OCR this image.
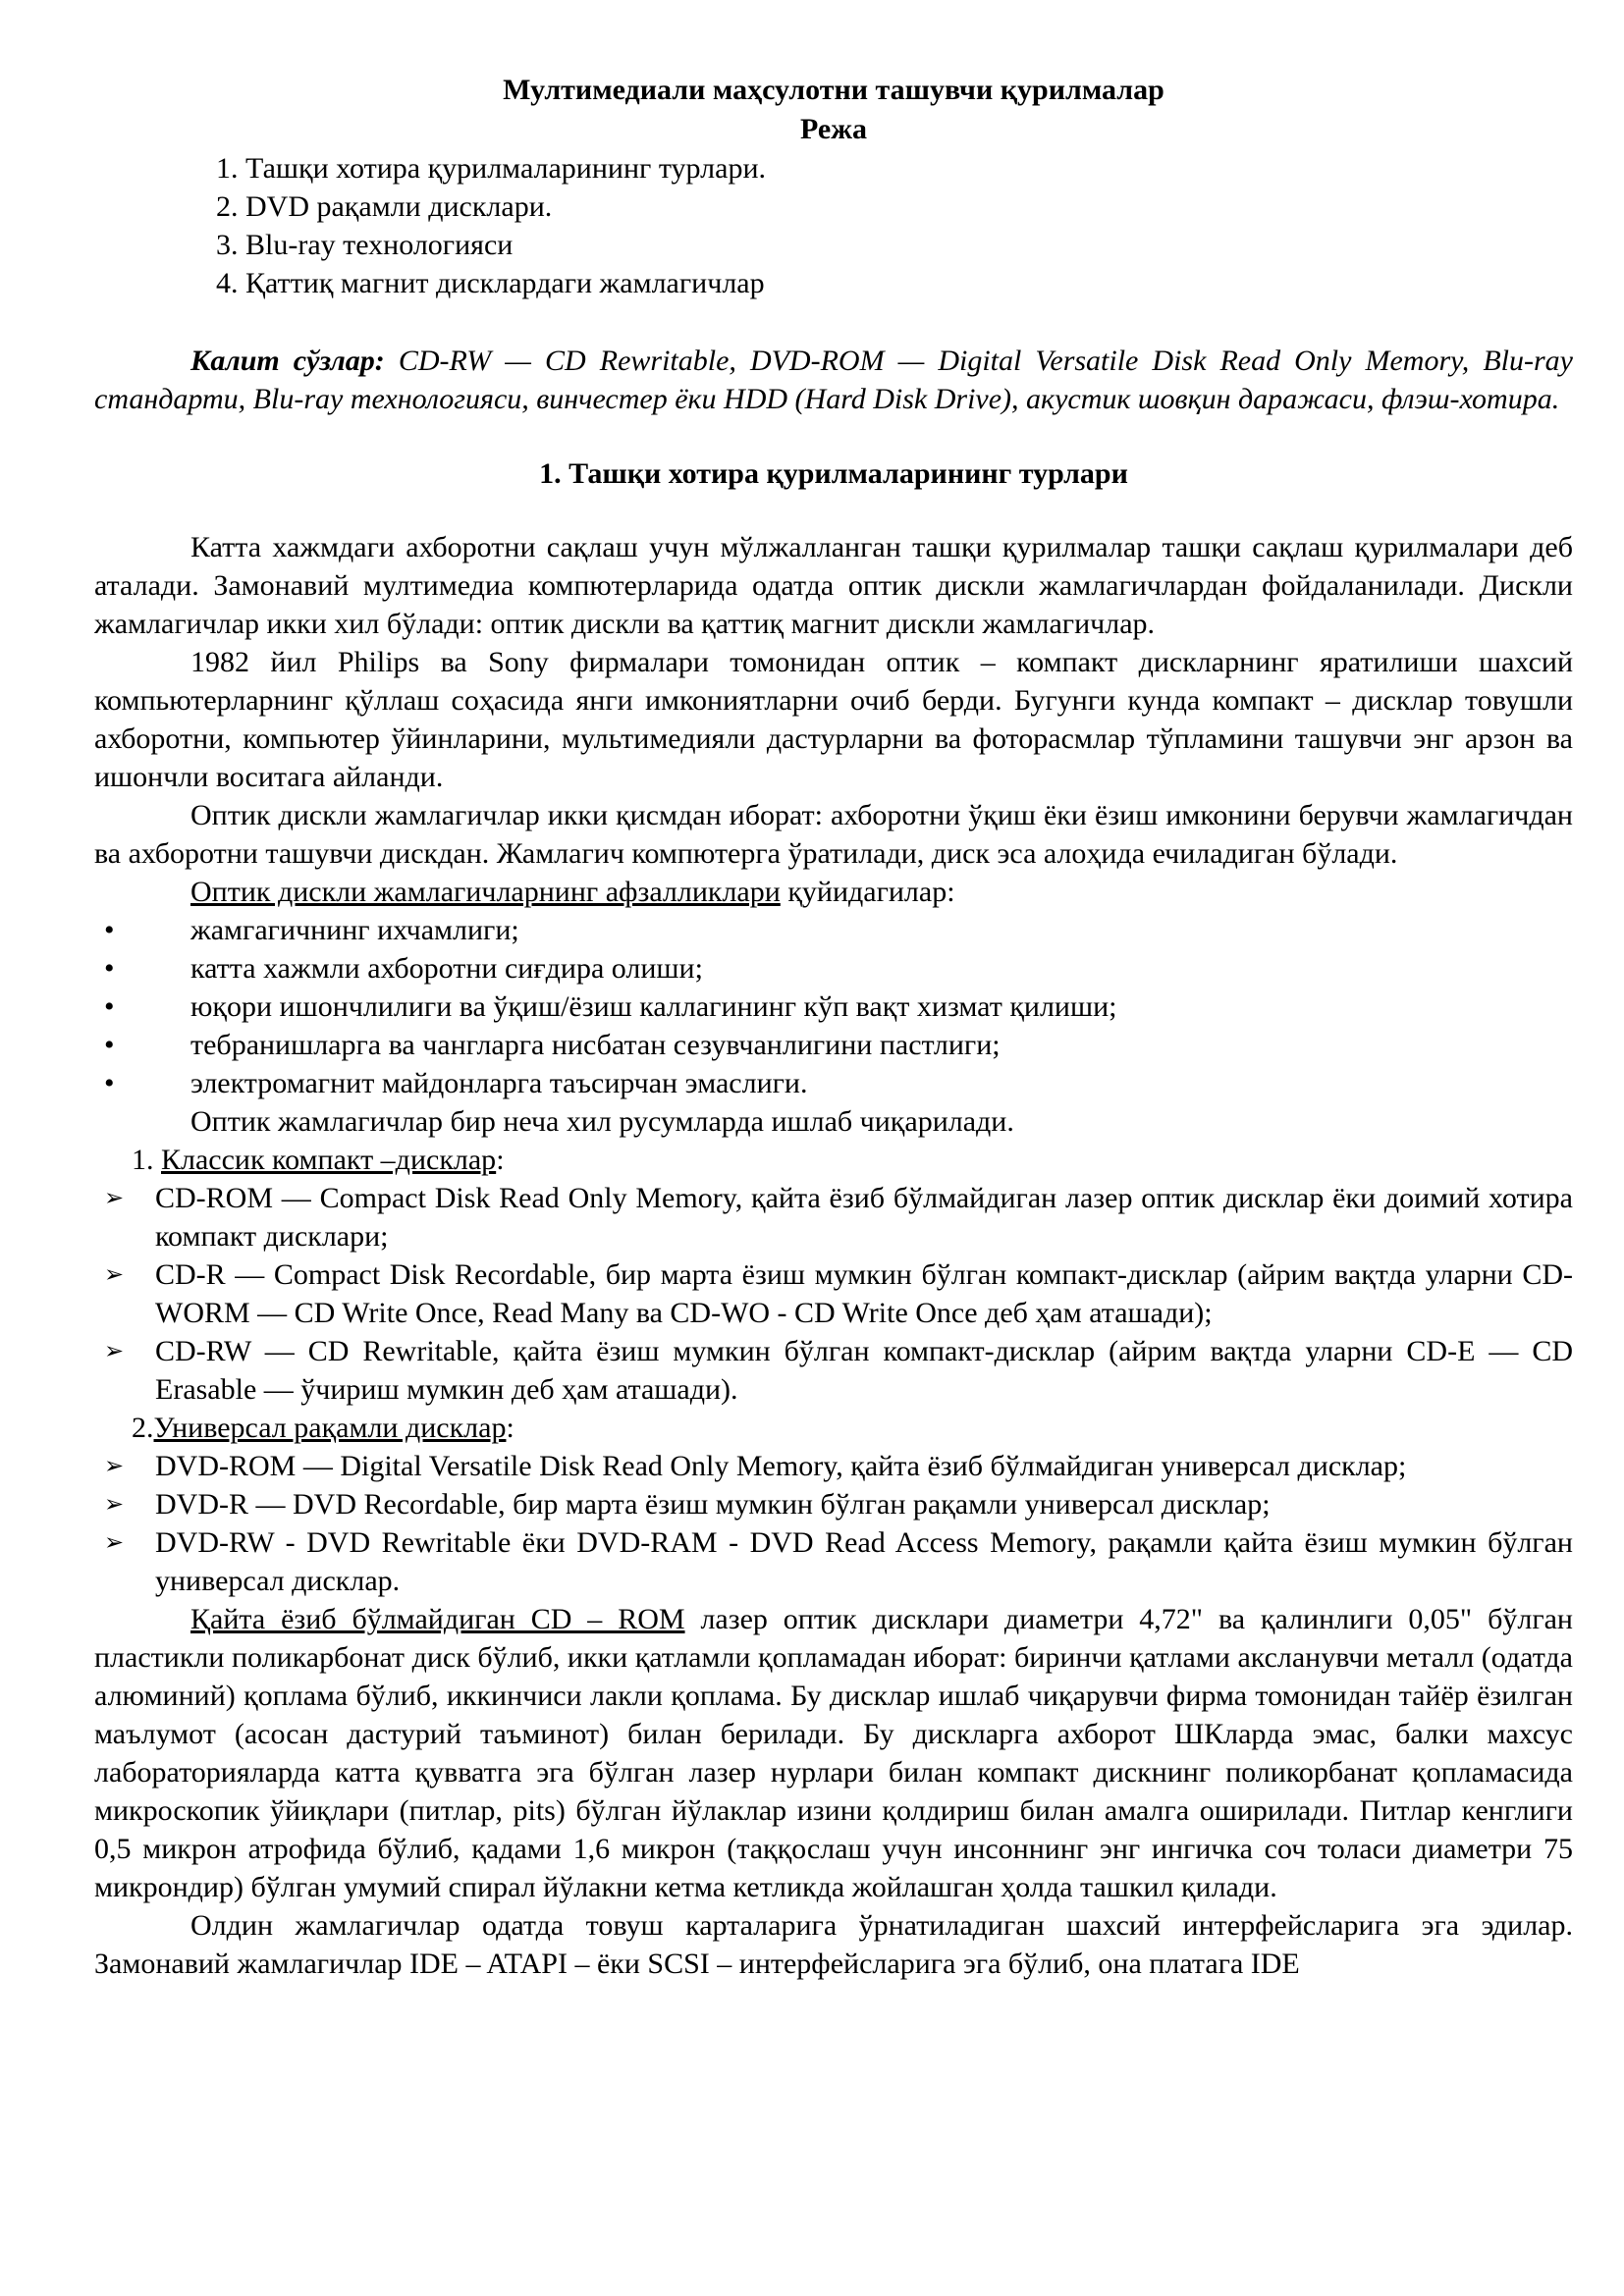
Мултимедиали маҳсулотни ташувчи қурилмалар
Режа
1. Ташқи хотира қурилмаларининг турлари.
2. DVD рақамли дисклари.
3. Blu-ray технологияси
4. Қаттиқ магнит дисклардаги жамлагичлар

Калит сўзлар: CD-RW — CD Rewritable, DVD-ROM — Digital Versatile Disk Read Only Memory, Blu-ray стандарти, Blu-ray технологияси, винчестер ёки HDD (Hard Disk Drive), акустик шовқин даражаси, флэш-хотира.

1. Ташқи хотира қурилмаларининг турлари

Катта хажмдаги ахборотни сақлаш учун мўлжалланган ташқи қурилмалар ташқи сақлаш қурилмалари деб аталади. Замонавий мултимедиа компютерларида одатда оптик дискли жамлагичлардан фойдаланилади. Дискли жамлагичлар икки хил бўлади: оптик дискли ва қаттиқ магнит дискли жамлагичлар.

1982 йил Philips ва Sony фирмалари томонидан оптик – компакт дискларнинг яратилиши шахсий компьютерларнинг қўллаш соҳасида янги имкониятларни очиб берди. Бугунги кунда компакт – дисклар товушли ахборотни, компьютер ўйинларини, мультимедияли дастурларни ва фоторасмлар тўпламини ташувчи энг арзон ва ишончли воситага айланди.

Оптик дискли жамлагичлар икки қисмдан иборат: ахборотни ўқиш ёки ёзиш имконини берувчи жамлагичдан ва ахборотни ташувчи дискдан. Жамлагич компютерга ўратилади, диск эса алоҳида ечиладиган бўлади.

Оптик дискли жамлагичларнинг афзалликлари қуйидагилар:

•	жамгагичнинг ихчамлиги;
•	катта хажмли ахборотни сиғдира олиши;
•	юқори ишончлилиги ва ўқиш/ёзиш каллагининг кўп вақт хизмат қилиши;
•	тебранишларга ва чангларга нисбатан сезувчанлигини пастлиги;
•	электромагнит майдонларга таъсирчан эмаслиги.

Оптик жамлагичлар бир неча хил русумларда ишлаб чиқарилади.

1. Классик компакт –дисклар:
➢ CD-ROM — Compact Disk Read Only Memory, қайта ёзиб бўлмайдиган лазер оптик дисклар ёки доимий хотира компакт дисклари;
➢ CD-R — Compact Disk Recordable, бир марта ёзиш мумкин бўлган компакт-дисклар (айрим вақтда уларни CD-WORM — CD Write Once, Read Many ва CD-WO - CD Write Once деб ҳам аташади);
➢ CD-RW — CD Rewritable, қайта ёзиш мумкин бўлган компакт-дисклар (айрим вақтда уларни CD-E — CD Erasable — ўчириш мумкин деб ҳам аташади).
2.Универсал рақамли дисклар:
➢ DVD-ROM — Digital Versatile Disk Read Only Memory, қайта ёзиб бўлмайдиган универсал дисклар;
➢ DVD-R — DVD Recordable, бир марта ёзиш мумкин бўлган рақамли универсал дисклар;
➢ DVD-RW - DVD Rewritable ёки DVD-RAM - DVD Read Access Memory, рақамли қайта ёзиш мумкин бўлган универсал дисклар.

Қайта ёзиб бўлмайдиган CD – ROM лазер оптик дисклари диаметри 4,72" ва қалинлиги 0,05" бўлган пластикли поликарбонат диск бўлиб, икки қатламли қопламадан иборат: биринчи қатлами акслaнувчи металл (одатда алюминий) қоплама бўлиб, иккинчиси лакли қоплама. Бу дисклар ишлаб чиқарувчи фирма томонидан тайёр ёзилган маълумот (асосан дастурий таъминот) билан берилади. Бу дискларга ахборот ШКларда эмас, балки махсус лабораторияларда катта қувватга эга бўлган лазер нурлари билан компакт дискнинг поликорбанат қопламасида микроскопик ўйиқлари (питлар, pits) бўлган йўлаклар изини қолдириш билан амалга оширилади. Питлар кенглиги 0,5 микрон атрофида бўлиб, қадами 1,6 микрон (таққослаш учун инсоннинг энг ингичка соч толаси диаметри 75 микрондир) бўлган умумий спирал йўлакни кетма кетликда жойлашган ҳолда ташкил қилади.

Олдин жамлагичлар одатда товуш карталарига ўрнатиладиган шахсий интерфейсларига эга эдилар. Замонавий жамлагичлар IDE – ATAPI – ёки SCSI – интерфейсларига эга бўлиб, она платага IDE
